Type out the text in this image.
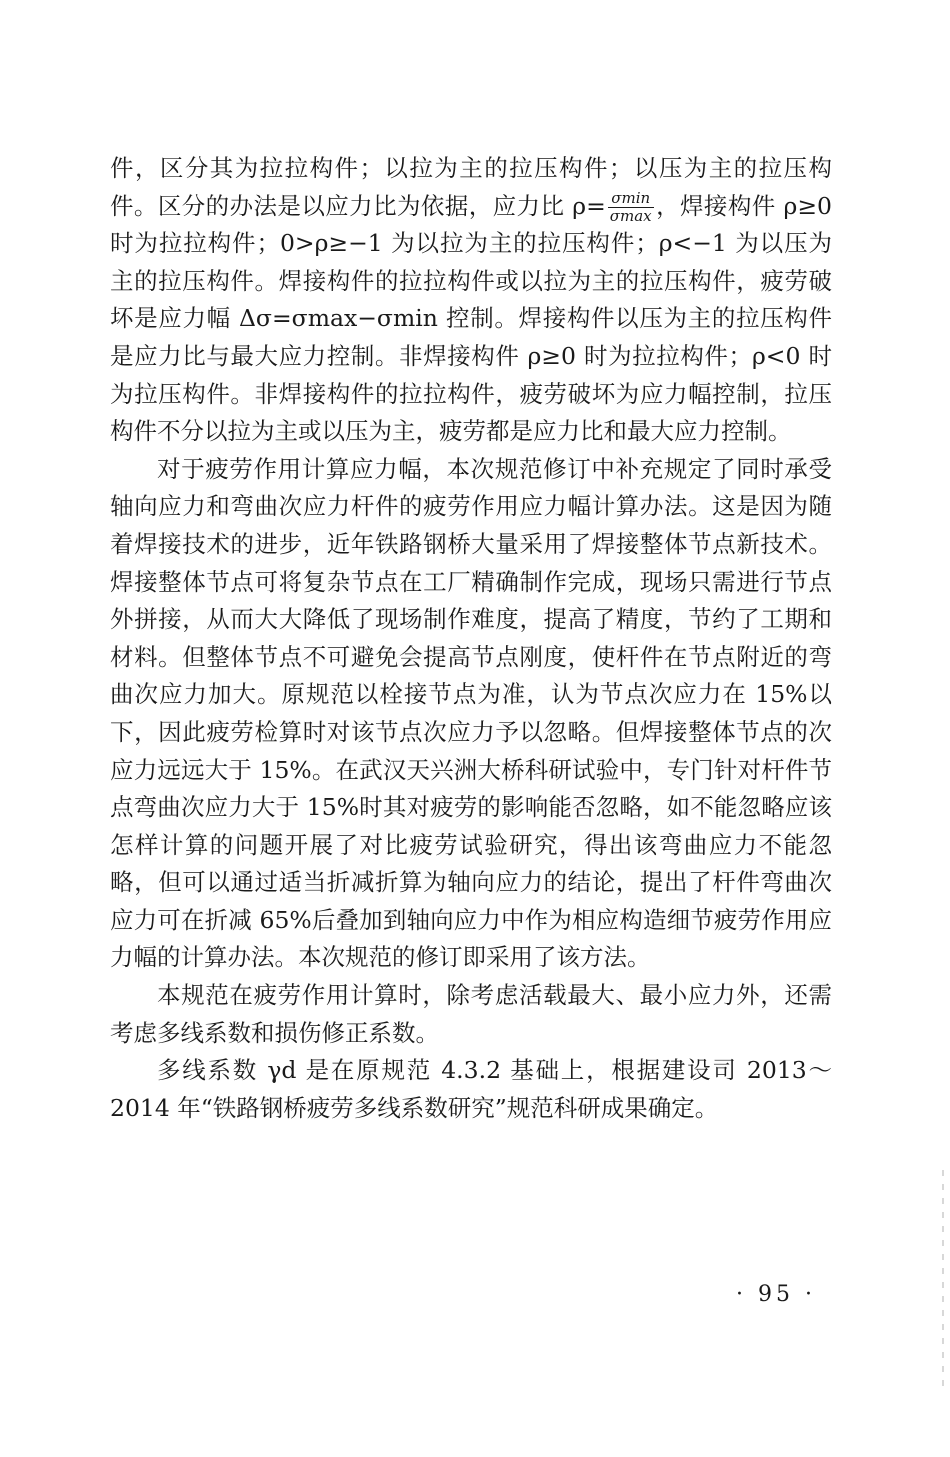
件，区分其为拉拉构件；以拉为主的拉压构件；以压为主的拉压构件。区分的办法是以应力比为依据，应力比 $\rho= \frac{\sigma\min}{\sigma\max}$ ，焊接构件 ρ≥0 时为拉拉构件；0>ρ≥−1 为以拉为主的拉压构件；ρ<−1 为以压为主的拉压构件。焊接构件的拉拉构件或以拉为主的拉压构件，疲劳破坏是应力幅 Δσ=σmax−σmin 控制。焊接构件以压为主的拉压构件是应力比与最大应力控制。非焊接构件 ρ≥0 时为拉拉构件；ρ<0 时为拉压构件。非焊接构件的拉拉构件，疲劳破坏为应力幅控制，拉压构件不分以拉为主或以压为主，疲劳都是应力比和最大应力控制。

对于疲劳作用计算应力幅，本次规范修订中补充规定了同时承受轴向应力和弯曲次应力杆件的疲劳作用应力幅计算办法。这是因为随着焊接技术的进步，近年铁路钢桥大量采用了焊接整体节点新技术。焊接整体节点可将复杂节点在工厂精确制作完成，现场只需进行节点外拼接，从而大大降低了现场制作难度，提高了精度，节约了工期和材料。但整体节点不可避免会提高节点刚度，使杆件在节点附近的弯曲次应力加大。原规范以栓接节点为准，认为节点次应力在 15%以下，因此疲劳检算时对该节点次应力予以忽略。但焊接整体节点的次应力远远大于 15%。在武汉天兴洲大桥科研试验中，专门针对杆件节点弯曲次应力大于 15%时其对疲劳的影响能否忽略，如不能忽略应该怎样计算的问题开展了对比疲劳试验研究，得出该弯曲应力不能忽略，但可以通过适当折减折算为轴向应力的结论，提出了杆件弯曲次应力可在折减 65%后叠加到轴向应力中作为相应构造细节疲劳作用应力幅的计算办法。本次规范的修订即采用了该方法。

本规范在疲劳作用计算时，除考虑活载最大、最小应力外，还需考虑多线系数和损伤修正系数。

多线系数 γd 是在原规范 4.3.2 基础上，根据建设司 2013～2014 年“铁路钢桥疲劳多线系数研究”规范科研成果确定。

· 95 ·
